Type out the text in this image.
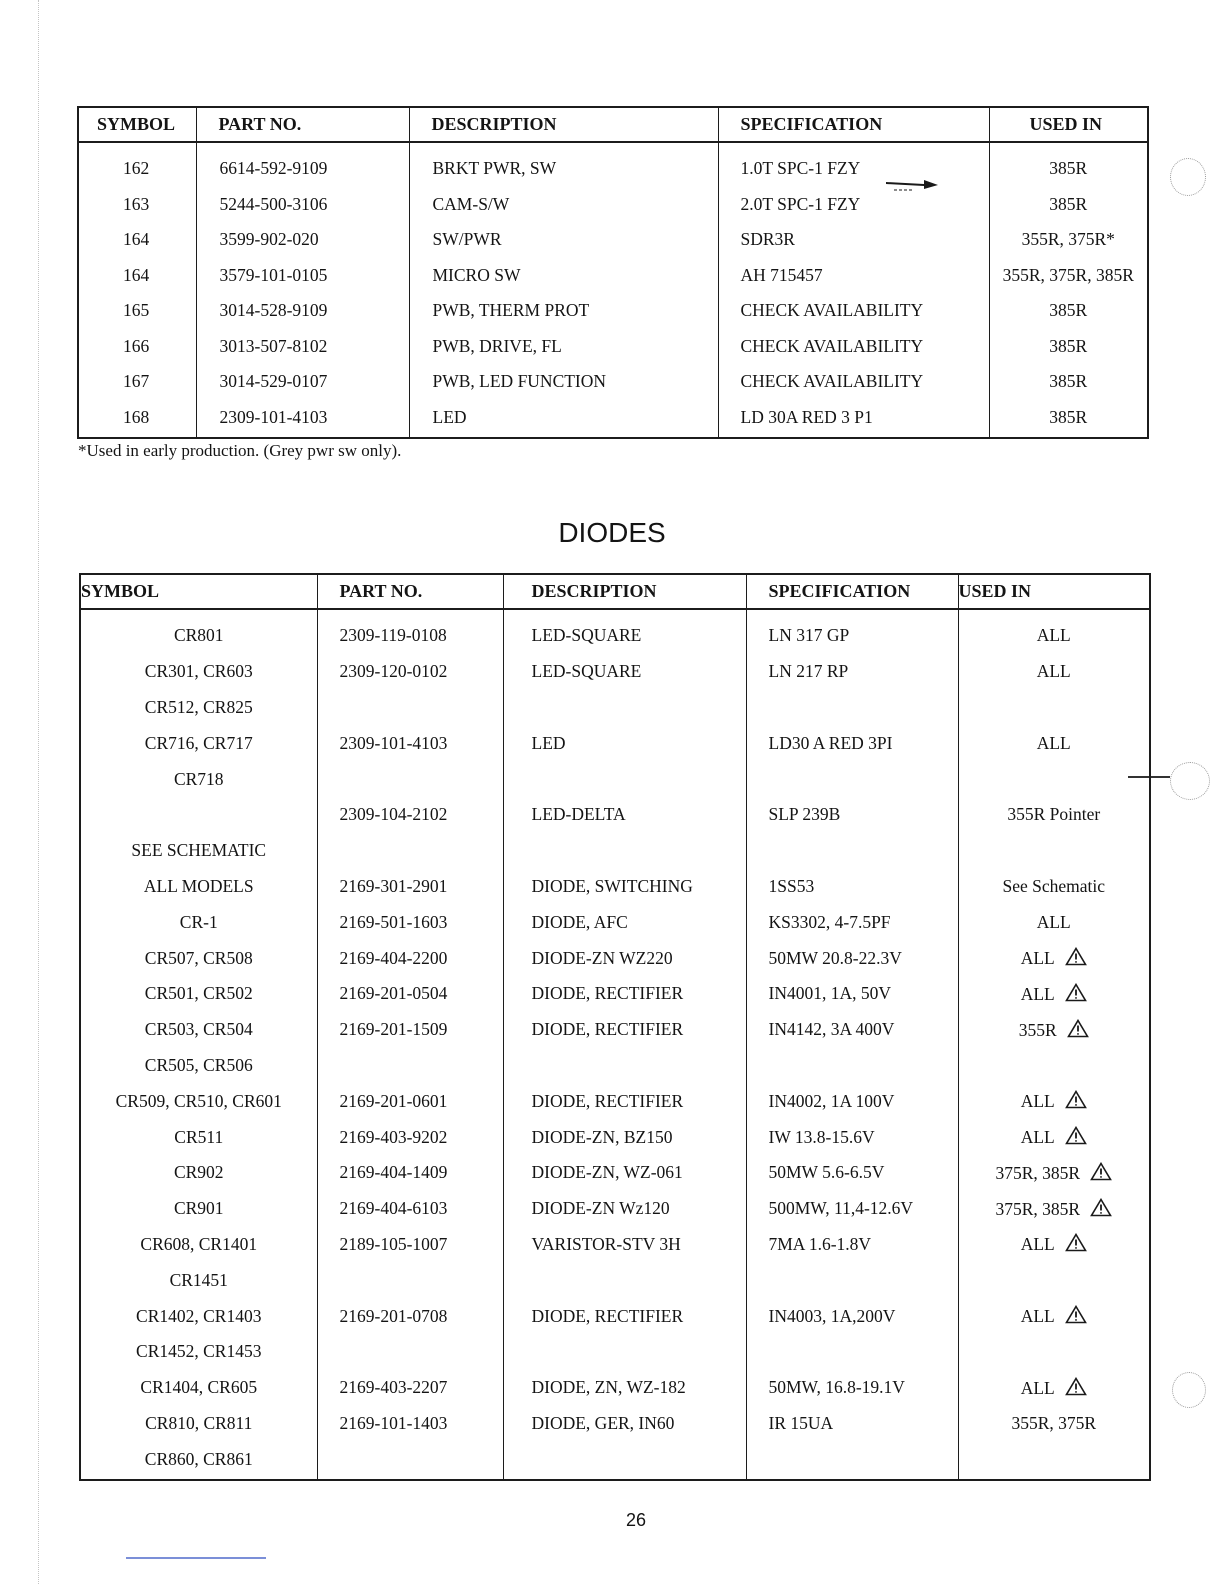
SYMBOL	PART NO.	DESCRIPTION	SPECIFICATION	USED IN

162	6614-592-9109	BRKT PWR, SW	1.0T SPC-1 FZY	385R
163	5244-500-3106	CAM-S/W	2.0T SPC-1 FZY	385R
164	3599-902-020	SW/PWR	SDR3R	355R, 375R*
164	3579-101-0105	MICRO SW	AH 715457	355R, 375R, 385R
165	3014-528-9109	PWB, THERM PROT	CHECK AVAILABILITY	385R
166	3013-507-8102	PWB, DRIVE, FL	CHECK AVAILABILITY	385R
167	3014-529-0107	PWB, LED FUNCTION	CHECK AVAILABILITY	385R
168	2309-101-4103	LED	LD 30A RED 3 P1	385R

*Used in early production. (Grey pwr sw only).
DIODES
SYMBOL	PART NO.	DESCRIPTION	SPECIFICATION	USED IN

CR801	2309-119-0108	LED-SQUARE	LN 317 GP	ALL
CR301, CR603	2309-120-0102	LED-SQUARE	LN 217 RP	ALL
CR512, CR825				
CR716, CR717	2309-101-4103	LED	LD30 A RED 3PI	ALL
CR718				
	2309-104-2102	LED-DELTA	SLP 239B	355R Pointer
SEE SCHEMATIC				
ALL MODELS	2169-301-2901	DIODE, SWITCHING	1SS53	See Schematic
CR-1	2169-501-1603	DIODE, AFC	KS3302, 4-7.5PF	ALL
CR507, CR508	2169-404-2200	DIODE-ZN WZ220	50MW 20.8-22.3V	ALL
CR501, CR502	2169-201-0504	DIODE, RECTIFIER	IN4001, 1A, 50V	ALL
CR503, CR504	2169-201-1509	DIODE, RECTIFIER	IN4142, 3A 400V	355R
CR505, CR506				
CR509, CR510, CR601	2169-201-0601	DIODE, RECTIFIER	IN4002, 1A 100V	ALL
CR511	2169-403-9202	DIODE-ZN, BZ150	IW 13.8-15.6V	ALL
CR902	2169-404-1409	DIODE-ZN, WZ-061	50MW 5.6-6.5V	375R, 385R
CR901	2169-404-6103	DIODE-ZN Wz120	500MW, 11,4-12.6V	375R, 385R
CR608, CR1401	2189-105-1007	VARISTOR-STV 3H	7MA 1.6-1.8V	ALL
CR1451				
CR1402, CR1403	2169-201-0708	DIODE, RECTIFIER	IN4003, 1A,200V	ALL
CR1452, CR1453				
CR1404, CR605	2169-403-2207	DIODE, ZN, WZ-182	50MW, 16.8-19.1V	ALL
CR810, CR811	2169-101-1403	DIODE, GER, IN60	IR 15UA	355R, 375R
CR860, CR861				

26
